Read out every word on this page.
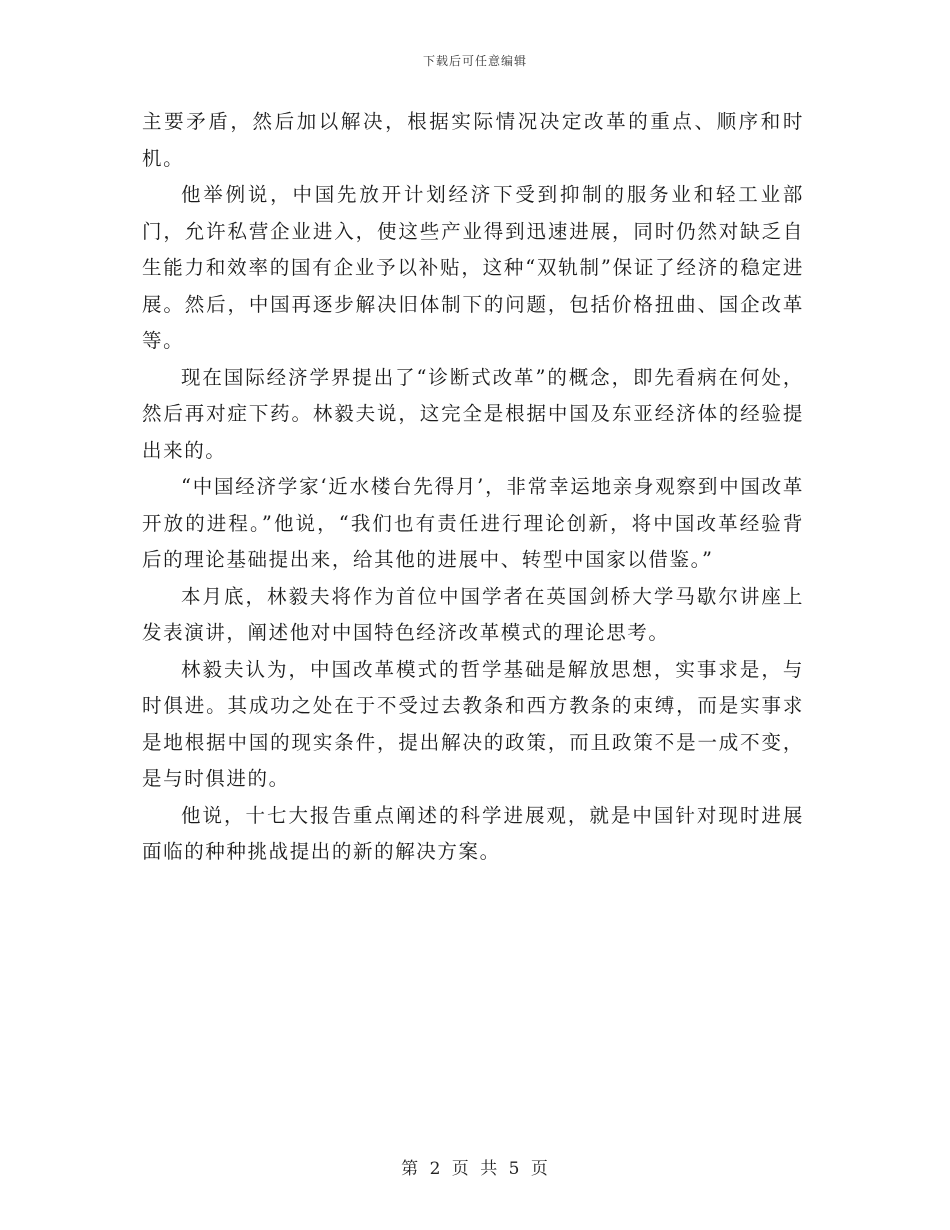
下载后可任意编辑

主要矛盾，然后加以解决，根据实际情况决定改革的重点、顺序和时机。

他举例说，中国先放开计划经济下受到抑制的服务业和轻工业部门，允许私营企业进入，使这些产业得到迅速进展，同时仍然对缺乏自生能力和效率的国有企业予以补贴，这种“双轨制”保证了经济的稳定进展。然后，中国再逐步解决旧体制下的问题，包括价格扭曲、国企改革等。

现在国际经济学界提出了“诊断式改革”的概念，即先看病在何处，然后再对症下药。林毅夫说，这完全是根据中国及东亚经济体的经验提出来的。

“中国经济学家‘近水楼台先得月’，非常幸运地亲身观察到中国改革开放的进程。”他说，“我们也有责任进行理论创新，将中国改革经验背后的理论基础提出来，给其他的进展中、转型中国家以借鉴。”

本月底，林毅夫将作为首位中国学者在英国剑桥大学马歇尔讲座上发表演讲，阐述他对中国特色经济改革模式的理论思考。

林毅夫认为，中国改革模式的哲学基础是解放思想，实事求是，与时俱进。其成功之处在于不受过去教条和西方教条的束缚，而是实事求是地根据中国的现实条件，提出解决的政策，而且政策不是一成不变，是与时俱进的。

他说，十七大报告重点阐述的科学进展观，就是中国针对现时进展面临的种种挑战提出的新的解决方案。

第 2 页 共 5 页
